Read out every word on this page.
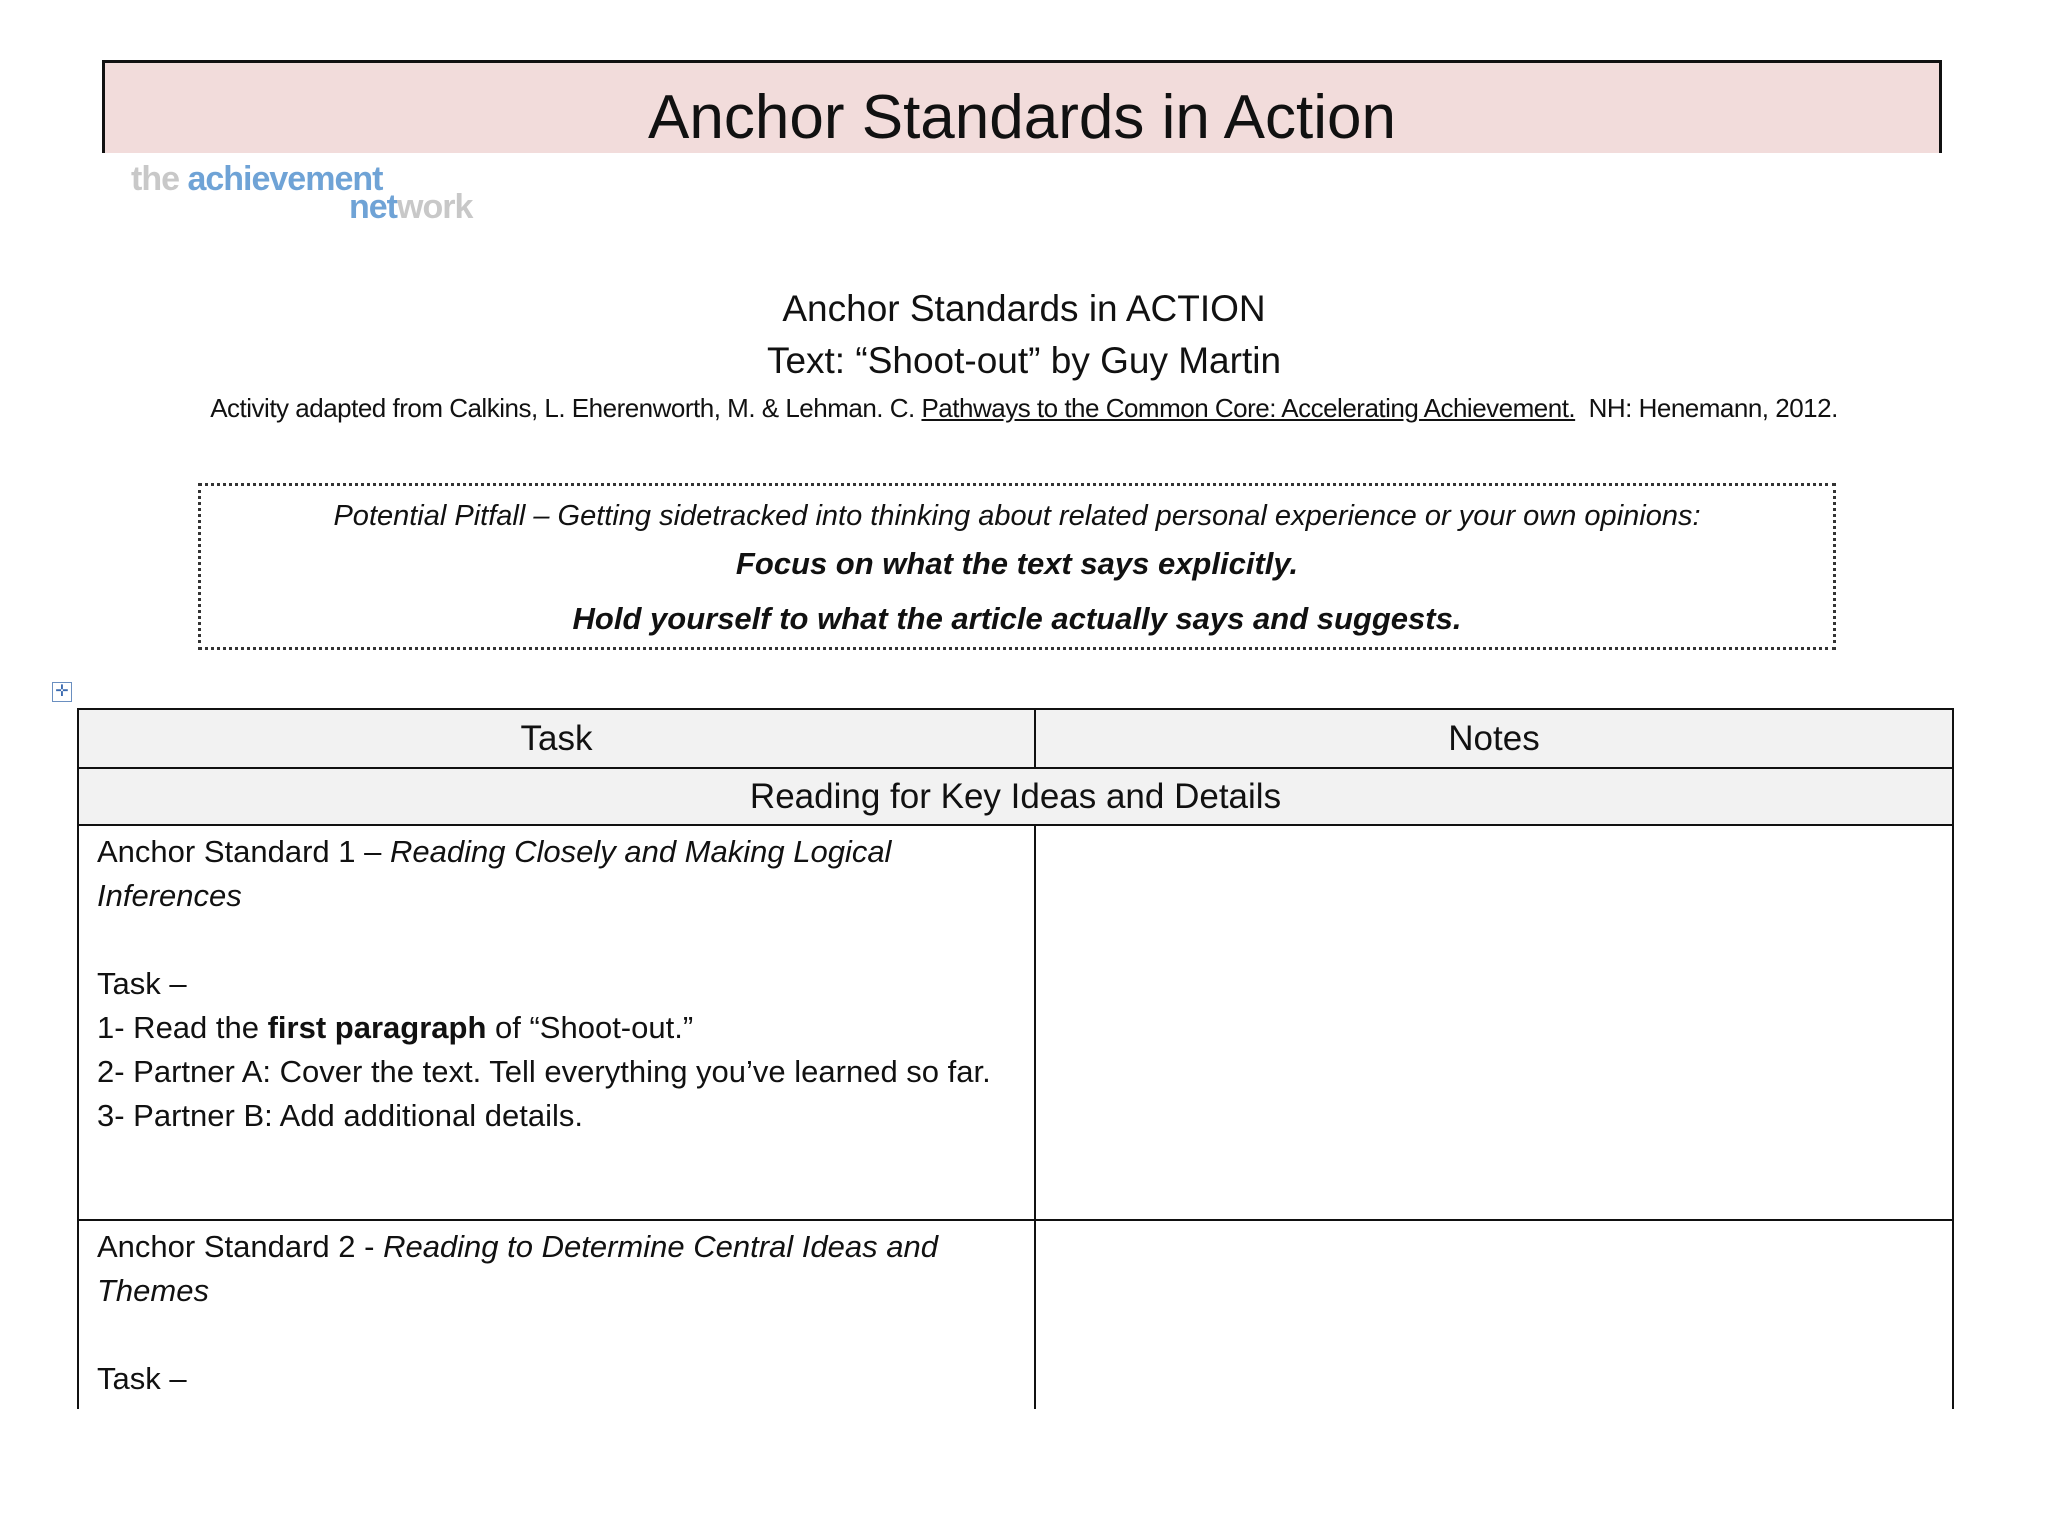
Anchor Standards in Action
the achievement
network
Anchor Standards in ACTION
Text: “Shoot-out” by Guy Martin
Activity adapted from Calkins, L. Eherenworth, M. & Lehman. C. Pathways to the Common Core: Accelerating Achievement.  NH: Henemann, 2012.
Potential Pitfall – Getting sidetracked into thinking about related personal experience or your own opinions:
Focus on what the text says explicitly.
Hold yourself to what the article actually says and suggests.
✛
Task	Notes
Reading for Key Ideas and Details	

Anchor Standard 1 – Reading Closely and Making Logical Inferences
Task –
1- Read the first paragraph of “Shoot-out.”
2- Partner A: Cover the text. Tell everything you’ve learned so far.
3- Partner B: Add additional details.	

Anchor Standard 2 - Reading to Determine Central Ideas and Themes
Task –	
